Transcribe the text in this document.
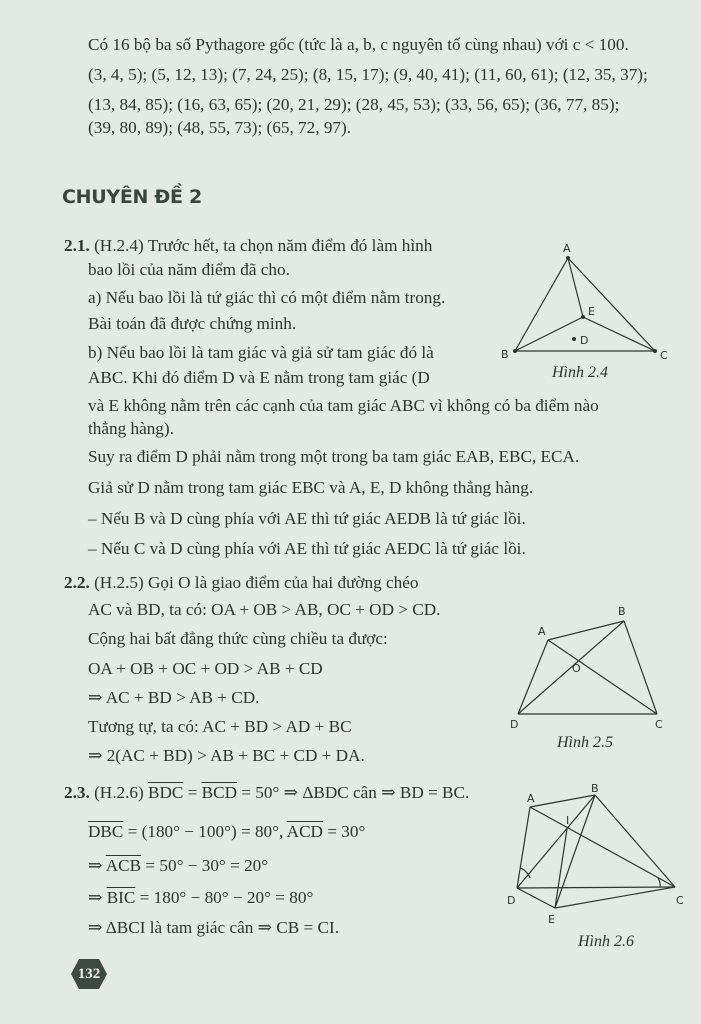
Có 16 bộ ba số Pythagore gốc (tức là a, b, c nguyên tố cùng nhau) với c < 100.
(3, 4, 5); (5, 12, 13); (7, 24, 25); (8, 15, 17); (9, 40, 41); (11, 60, 61); (12, 35, 37);
(13, 84, 85); (16, 63, 65); (20, 21, 29); (28, 45, 53); (33, 56, 65); (36, 77, 85);
(39, 80, 89); (48, 55, 73); (65, 72, 97).
CHUYÊN ĐỀ 2
2.1. (H.2.4) Trước hết, ta chọn năm điểm đó làm hình
bao lồi của năm điểm đã cho.
a) Nếu bao lồi là tứ giác thì có một điểm nằm trong.
Bài toán đã được chứng minh.
b) Nếu bao lồi là tam giác và giả sử tam giác đó là
ABC. Khi đó điểm D và E nằm trong tam giác (D
và E không nằm trên các cạnh của tam giác ABC vì không có ba điểm nào
thẳng hàng).
Suy ra điểm D phải nằm trong một trong ba tam giác EAB, EBC, ECA.
Giả sử D nằm trong tam giác EBC và A, E, D không thẳng hàng.
– Nếu B và D cùng phía với AE thì tứ giác AEDB là tứ giác lồi.
– Nếu C và D cùng phía với AE thì tứ giác AEDC là tứ giác lồi.
A
B	C
E
D
Hình 2.4
2.2. (H.2.5) Gọi O là giao điểm của hai đường chéo
AC và BD, ta có: OA + OB > AB, OC + OD > CD.
Cộng hai bất đẳng thức cùng chiều ta được:
OA + OB + OC + OD > AB + CD
⇒ AC + BD > AB + CD.
Tương tự, ta có: AC + BD > AD + BC
⇒ 2(AC + BD) > AB + BC + CD + DA.
A
B
C
D
O
Hình 2.5
2.3. (H.2.6) $\overline{BDC} = \overline{BCD} = 50^\circ$ ⇒ ΔBDC cân ⇒ BD = BC.
$\overline{DBC} = (180^\circ - 100^\circ) = 80^\circ$, $\overline{ACD} = 30^\circ$
⇒ $\overline{ACB} = 50^\circ - 30^\circ = 20^\circ$
⇒ $\overline{BIC} = 180^\circ - 80^\circ - 20^\circ = 80^\circ$
⇒ ΔBCI là tam giác cân ⇒ CB = CI.
A
B
C
D
E
I
Hình 2.6
132
